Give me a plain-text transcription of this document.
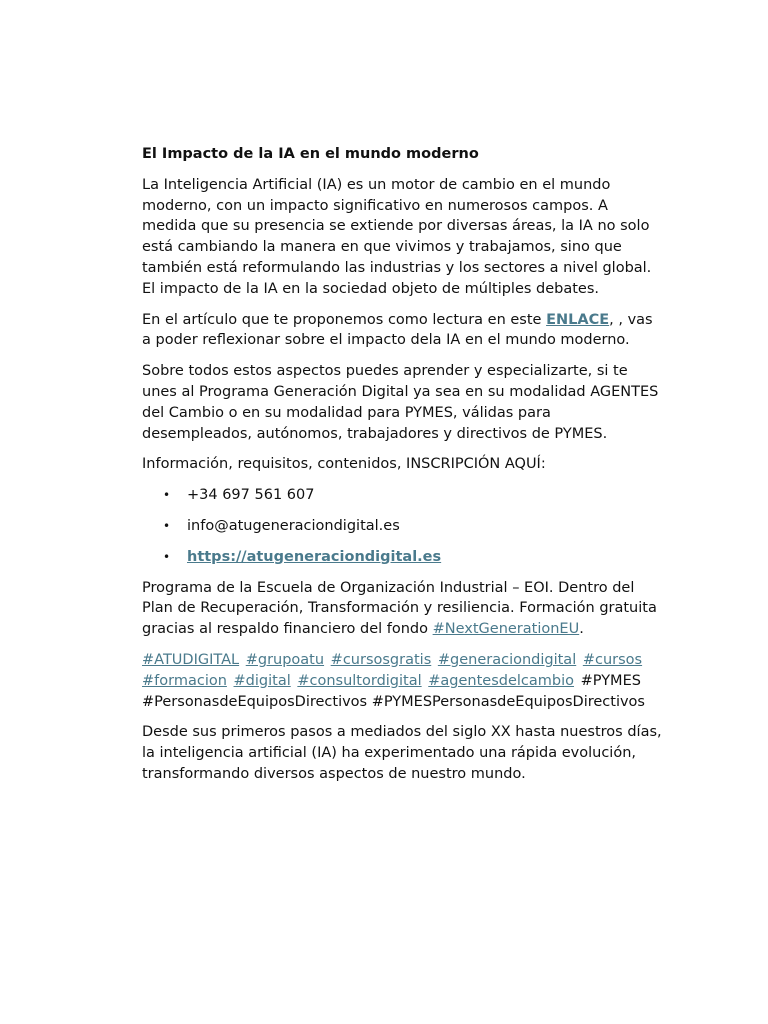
El Impacto de la IA en el mundo moderno

La Inteligencia Artificial (IA) es un motor de cambio en el mundo moderno, con un impacto significativo en numerosos campos. A medida que su presencia se extiende por diversas áreas, la IA no solo está cambiando la manera en que vivimos y trabajamos, sino que también está reformulando las industrias y los sectores a nivel global. El impacto de la IA en la sociedad objeto de múltiples debates.

En el artículo que te proponemos como lectura en este ENLACE, , vas a poder reflexionar sobre el impacto dela IA en el mundo moderno.

Sobre todos estos aspectos puedes aprender y especializarte, si te unes al Programa Generación Digital ya sea en su modalidad AGENTES del Cambio o en su modalidad para PYMES, válidas para desempleados, autónomos, trabajadores y directivos de PYMES.

Información, requisitos, contenidos, INSCRIPCIÓN AQUÍ:

• +34 697 561 607
• info@atugeneraciondigital.es
• https://atugeneraciondigital.es

Programa de la Escuela de Organización Industrial – EOI. Dentro del Plan de Recuperación, Transformación y resiliencia. Formación gratuita gracias al respaldo financiero del fondo #NextGenerationEU.

#ATUDIGITAL #grupoatu #cursosgratis #generaciondigital #cursos #formacion #digital #consultordigital #agentesdelcambio #PYMES #PersonasdeEquiposDirectivos #PYMESPersonasdeEquiposDirectivos

Desde sus primeros pasos a mediados del siglo XX hasta nuestros días, la inteligencia artificial (IA) ha experimentado una rápida evolución, transformando diversos aspectos de nuestro mundo.
